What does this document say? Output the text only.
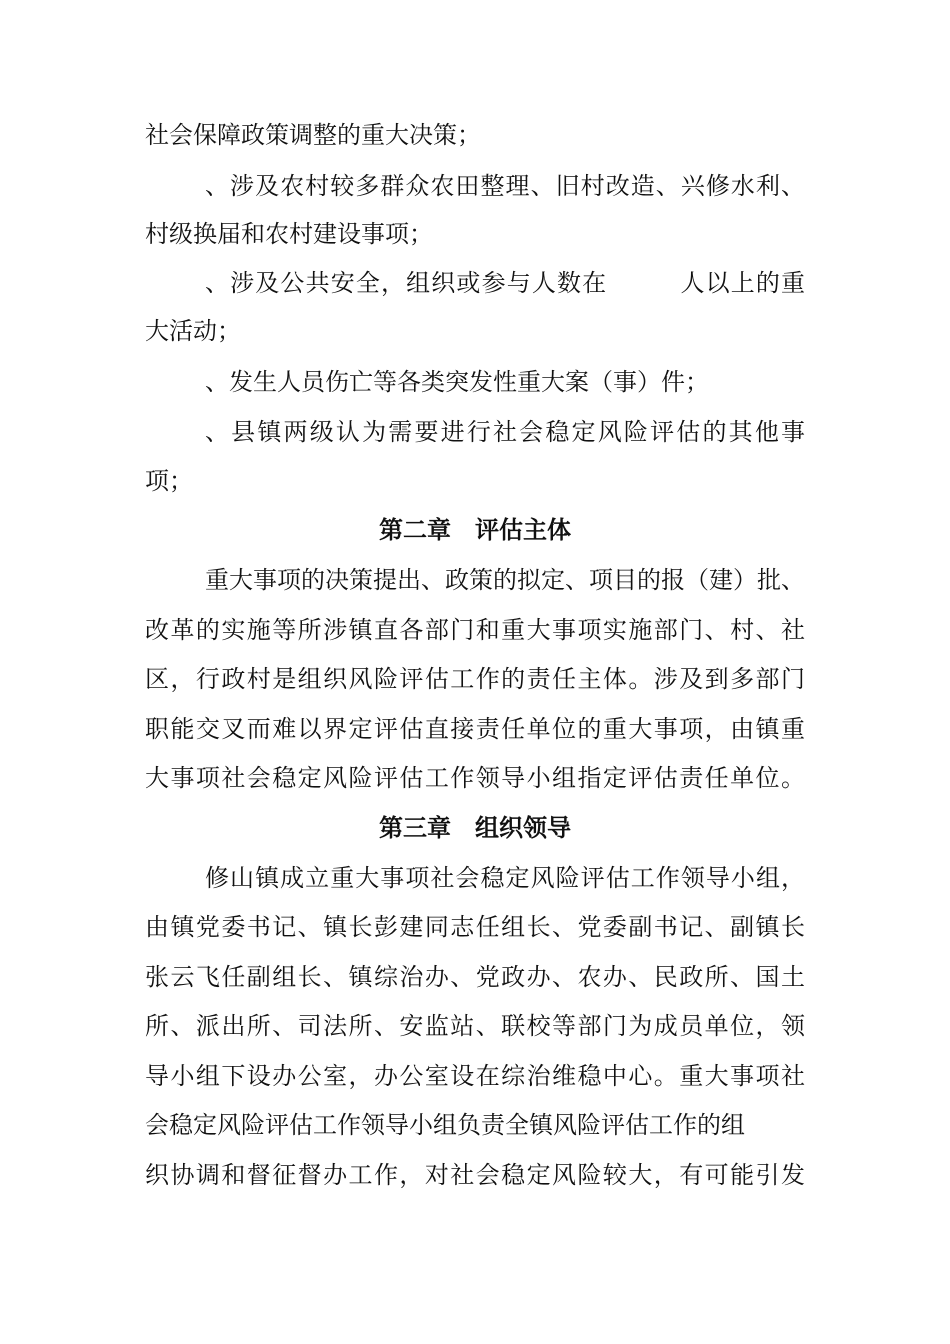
社会保障政策调整的重大决策；

、涉及农村较多群众农田整理、旧村改造、兴修水利、

村级换届和农村建设事项；

、涉及公共安全，组织或参与人数在	人以上的重

大活动；

、发生人员伤亡等各类突发性重大案（事）件；

、县镇两级认为需要进行社会稳定风险评估的其他事

项；

第二章　评估主体

重大事项的决策提出、政策的拟定、项目的报（建）批、

改革的实施等所涉镇直各部门和重大事项实施部门、村、社

区，行政村是组织风险评估工作的责任主体。涉及到多部门

职能交叉而难以界定评估直接责任单位的重大事项，由镇重

大事项社会稳定风险评估工作领导小组指定评估责任单位。

第三章　组织领导

修山镇成立重大事项社会稳定风险评估工作领导小组，

由镇党委书记、镇长彭建同志任组长、党委副书记、副镇长

张云飞任副组长、镇综治办、党政办、农办、民政所、国土

所、派出所、司法所、安监站、联校等部门为成员单位，领

导小组下设办公室，办公室设在综治维稳中心。重大事项社

会稳定风险评估工作领导小组负责全镇风险评估工作的组

织协调和督征督办工作，对社会稳定风险较大，有可能引发
